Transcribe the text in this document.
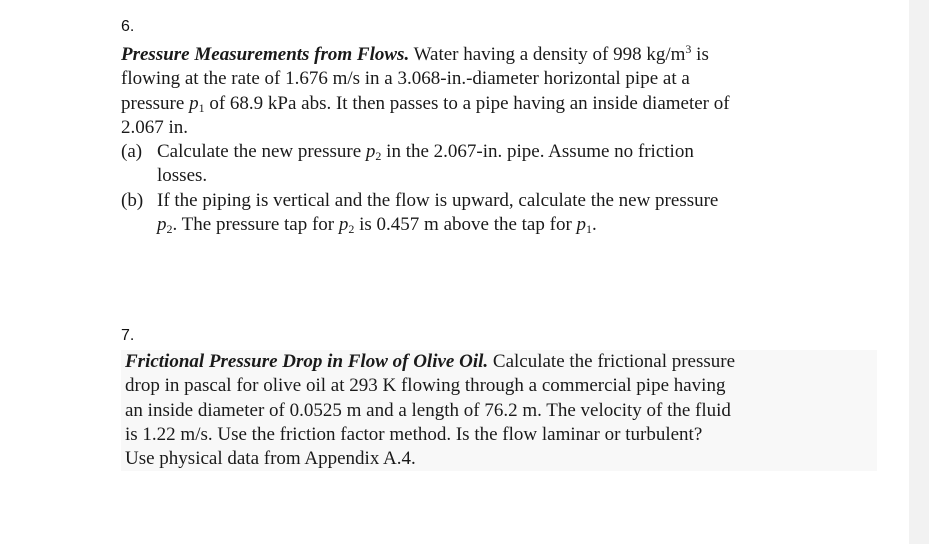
6.
Pressure Measurements from Flows. Water having a density of 998 $kg/m^3$ is
flowing at the rate of 1.676 m/s in a 3.068-in.-diameter horizontal pipe at a
pressure $p_1$ of 68.9 kPa abs. It then passes to a pipe having an inside diameter of
2.067 in.
(a) Calculate the new pressure $p_2$ in the 2.067-in. pipe. Assume no friction
losses.
(b) If the piping is vertical and the flow is upward, calculate the new pressure
$p_2$. The pressure tap for $p_2$ is 0.457 m above the tap for $p_1$.
7.
Frictional Pressure Drop in Flow of Olive Oil. Calculate the frictional pressure
drop in pascal for olive oil at 293 K flowing through a commercial pipe having
an inside diameter of 0.0525 m and a length of 76.2 m. The velocity of the fluid
is 1.22 m/s. Use the friction factor method. Is the flow laminar or turbulent?
Use physical data from Appendix A.4.
